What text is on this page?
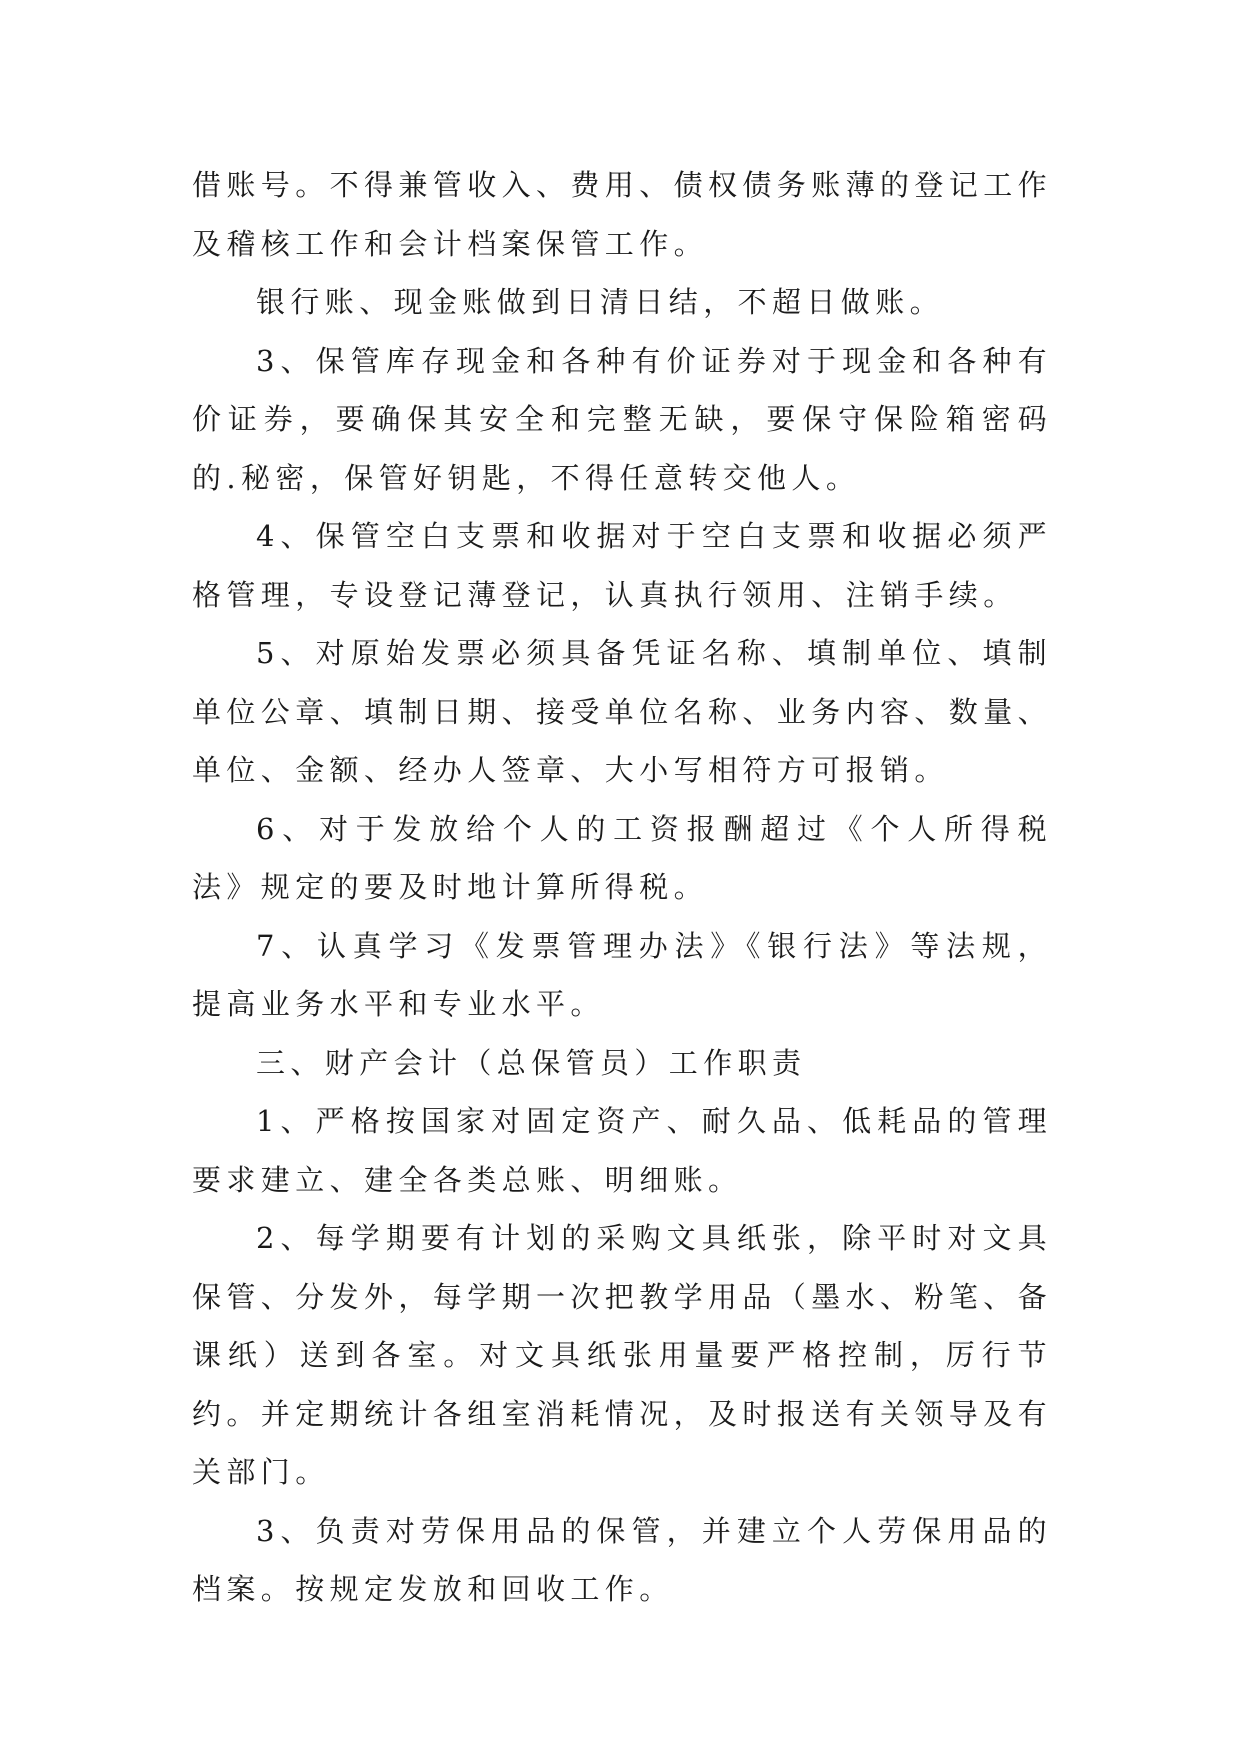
借账号。不得兼管收入、费用、债权债务账薄的登记工作及稽核工作和会计档案保管工作。

银行账、现金账做到日清日结，不超日做账。

3、保管库存现金和各种有价证券对于现金和各种有价证券，要确保其安全和完整无缺，要保守保险箱密码的.秘密，保管好钥匙，不得任意转交他人。

4、保管空白支票和收据对于空白支票和收据必须严格管理，专设登记薄登记，认真执行领用、注销手续。

5、对原始发票必须具备凭证名称、填制单位、填制单位公章、填制日期、接受单位名称、业务内容、数量、单位、金额、经办人签章、大小写相符方可报销。

6、对于发放给个人的工资报酬超过《个人所得税法》规定的要及时地计算所得税。

7、认真学习《发票管理办法》《银行法》等法规，提高业务水平和专业水平。

三、财产会计（总保管员）工作职责

1、严格按国家对固定资产、耐久品、低耗品的管理要求建立、建全各类总账、明细账。

2、每学期要有计划的采购文具纸张，除平时对文具保管、分发外，每学期一次把教学用品（墨水、粉笔、备课纸）送到各室。对文具纸张用量要严格控制，厉行节约。并定期统计各组室消耗情况，及时报送有关领导及有关部门。

3、负责对劳保用品的保管，并建立个人劳保用品的档案。按规定发放和回收工作。
